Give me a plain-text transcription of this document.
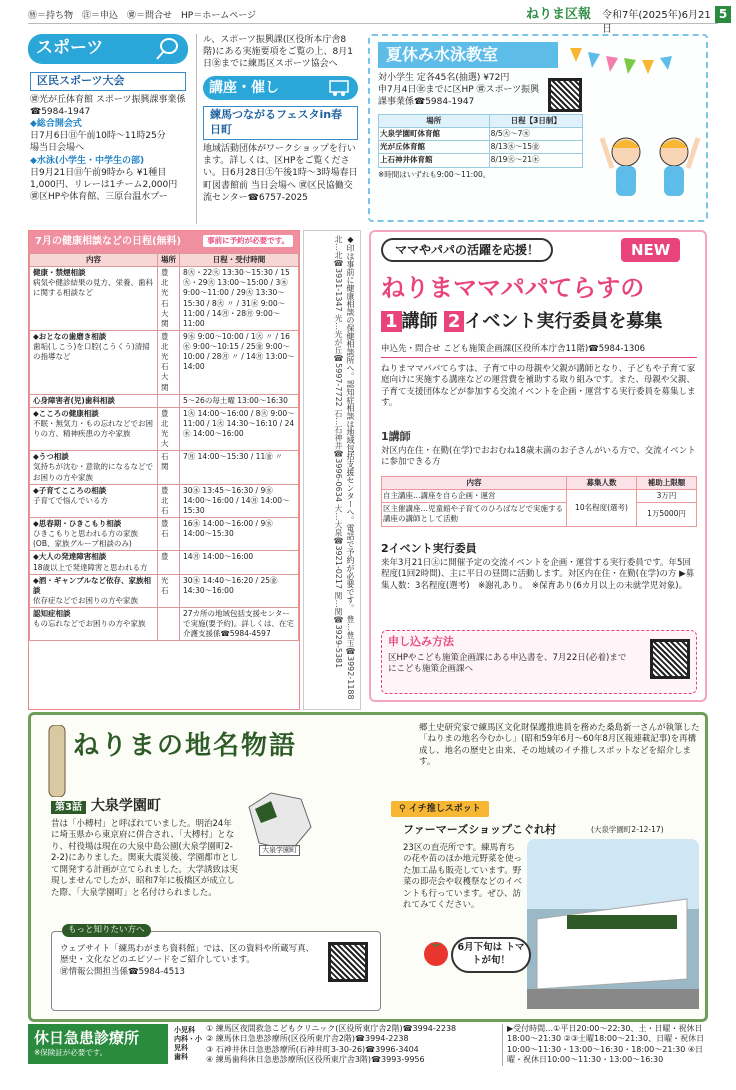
㊕＝持ち物　㊟＝申込　㊮＝問合せ　HP＝ホームページ	ねりま区報 令和7年(2025年)6月21日
5
スポーツ
区民スポーツ大会

㊮光が丘体育館 スポーツ振興課事業係☎5984-1947

◆総合開会式

日7月6日㊐午前10時〜11時25分

場当日会場へ

◆水泳(小学生・中学生の部)

日9月21日㊐午前9時から ¥1種目1,000円、リレーは1チーム2,000円

㊮区HPや体育館、三原台温水プー

ル、スポーツ振興課(区役所本庁舎8階)にある実施要項をご覧の上、8月1日㊎までに練馬区スポーツ協会へ

講座・催し
練馬つながるフェスタin春日町

地域活動団体がワークショップを行います。詳しくは、区HPをご覧ください。日6月28日㊏午後1時〜3時場春日町図書館前 当日会場へ ㊮区民協働交流センター☎6757-2025

夏休み水泳教室

対小学生 定各45名(抽選) ¥72円

申7月4日㊎までに区HP ㊮スポーツ振興課事業係☎5984-1947

場所	日程【3日制】
大泉学園町体育館	8/5㊋〜7㊍
光が丘体育館	8/13㊌〜15㊎
上石神井体育館	8/19㊋〜21㊍

※時間はいずれも9:00〜11:00。

7月の健康相談などの日程(無料)	事前に予約が必要です。
内容	場所	日程・受付時間

健康・禁煙相談
病気や健診結果の見方、栄養、歯科に関する相談など	豊 北 光 石 大 関	8㊋・22㊋ 13:30〜15:30 / 15㊋・29㊋ 13:00〜15:00 / 3㊍ 9:00〜11:00 / 29㊋ 13:30〜15:30 / 8㊋ 〃 / 31㊍ 9:00〜11:00 / 14㊊・28㊊ 9:00〜11:00

◆おとなの歯磨き相談
歯垢(しこう)を口腔(こうくう)清掃の指導など	豊 北 光 石 大 関	9㊌ 9:00〜10:00 / 1㊋ 〃 / 16㊌ 9:00〜10:15 / 25㊎ 9:00〜10:00 / 28㊊ 〃 / 14㊊ 13:00〜14:00

心身障害者(児)歯科相談		5〜26の毎土曜 13:00〜16:30

◆こころの健康相談
不眠・無気力・もの忘れなどでお困りの方、精神疾患の方や家族	豊 北 光 大	1㊋ 14:00〜16:00 / 8㊋ 9:00〜11:00 / 1㊋ 14:30〜16:10 / 24㊍ 14:00〜16:00

◆うつ相談
気持ちが沈む・意欲的になるなどでお困りの方や家族	石 関	7㊊ 14:00〜15:30 / 11㊎ 〃

◆子育てこころの相談
子育てで悩んでいる方	豊 北 石	30㊌ 13:45〜16:30 / 9㊌ 14:00〜16:00 / 14㊊ 14:00〜15:30

◆思春期・ひきこもり相談
ひきこもりと思われる方の家族(OB、家族グループ相談のみ)	豊 石	16㊌ 14:00〜16:00 / 9㊌ 14:00〜15:30

◆大人の発達障害相談
18歳以上で発達障害と思われる方	豊	14㊊ 14:00〜16:00

◆酒・ギャンブルなど依存、家族相談
依存症などでお困りの方や家族	光 石	30㊌ 14:40〜16:20 / 25㊎ 14:30〜16:00

認知症相談
もの忘れなどでお困りの方や家族		27カ所の地域包括支援センターで実施(要予約)。詳しくは、在宅介護支援係☎5984-4597
◆印は事前に健康相談の保健相談所へ。認知症相談は地域包括支援センターへ。電話で予約が必要です。 豊…豊玉☎3992-1188 北…北☎3931-1347 光…光が丘☎5997-7722 石…石神井☎3996-0634 大…大泉☎3921-0217 関…関☎3929-5381	ママやパパの活躍を応援！	NEW
ねりまママパパてらすの
1 講師 2 イベント実行委員を募集
申込先・問合せ こども施策企画課(区役所本庁舎11階)☎5984-1306

ねりまママパパてらすは、子育て中の母親や父親が講師となり、子どもや子育て家庭向けに実施する講座などの運営費を補助する取り組みです。また、母親や父親、子育て支援団体などが参加する交流イベントを企画・運営する実行委員を募集します。

1講師

対区内在住・在勤(在学)でおおむね18歳未満のお子さんがいる方で、交流イベントに参加できる方

内容	募集人数	補助上限額
自主講座…講座を自ら企画・運営	10名程度(選考)	3万円
区主催講座…児童館や子育てのひろばなどで実施する講座の講師として活動		1万5000円
2イベント実行委員

来年3月21日㊏に開催予定の交流イベントを企画・運営する実行委員です。年5回程度(1回2時間)、主に平日の昼間に活動します。対区内在住・在勤(在学)の方 ▶募集人数：3名程度(選考)　※謝礼あり。　※保育あり(6カ月以上の未就学児対象)。

申し込み方法

区HPやこども施策企画課にある申込書を、7月22日(必着)までにこども施策企画課へ

ねりまの地名物語

郷土史研究家で練馬区文化財保護推進員を務めた桑島新一さんが執筆した「ねりまの地名今むかし」(昭和59年6月〜60年8月区報連載記事)を再構成し、地名の歴史と由来、その地域のイチ推しスポットなどを紹介します。

第3話 大泉学園町
大泉学園町

昔は「小榑村」と呼ばれていました。明治24年に埼玉県から東京府に併合され、「大榑村」となり、村役場は現在の大泉中島公園(大泉学園町2-2-2)にありました。関東大震災後、学園都市として開発する計画が立てられました。大学誘致は実現しませんでしたが、昭和7年に板橋区が成立した際、「大泉学園町」と名付けられました。

もっと知りたい方へ

ウェブサイト「練馬わがまち資料館」では、区の資料や所蔵写真、歴史・文化などのエピソードをご紹介しています。

㊮情報公開担当係☎5984-4513

⚲ イチ推しスポット
ファーマーズショップこぐれ村	(大泉学園町2-12-17)

23区の直売所です。練馬育ちの花や苗のほか地元野菜を使った加工品も販売しています。野菜の即売会や収穫祭などのイベントも行っています。ぜひ、訪れてみてください。

6月下旬は トマトが旬！
休日急患診療所
※保険証が必要です。
小児科
内科・小児科
歯科
① 練馬区夜間救急こどもクリニック(区役所東庁舎2階)☎3994-2238
② 練馬休日急患診療所(区役所東庁舎2階)☎3994-2238
③ 石神井休日急患診療所(石神井町3-30-26)☎3996-3404
④ 練馬歯科休日急患診療所(区役所東庁舎3階)☎3993-9956

▶受付時間…①平日20:00〜22:30、土・日曜・祝休日18:00〜21:30 ②③土曜18:00〜21:30、日曜・祝休日10:00〜11:30・13:00〜16:30・18:00〜21:30 ④日曜・祝休日10:00〜11:30・13:00〜16:30
